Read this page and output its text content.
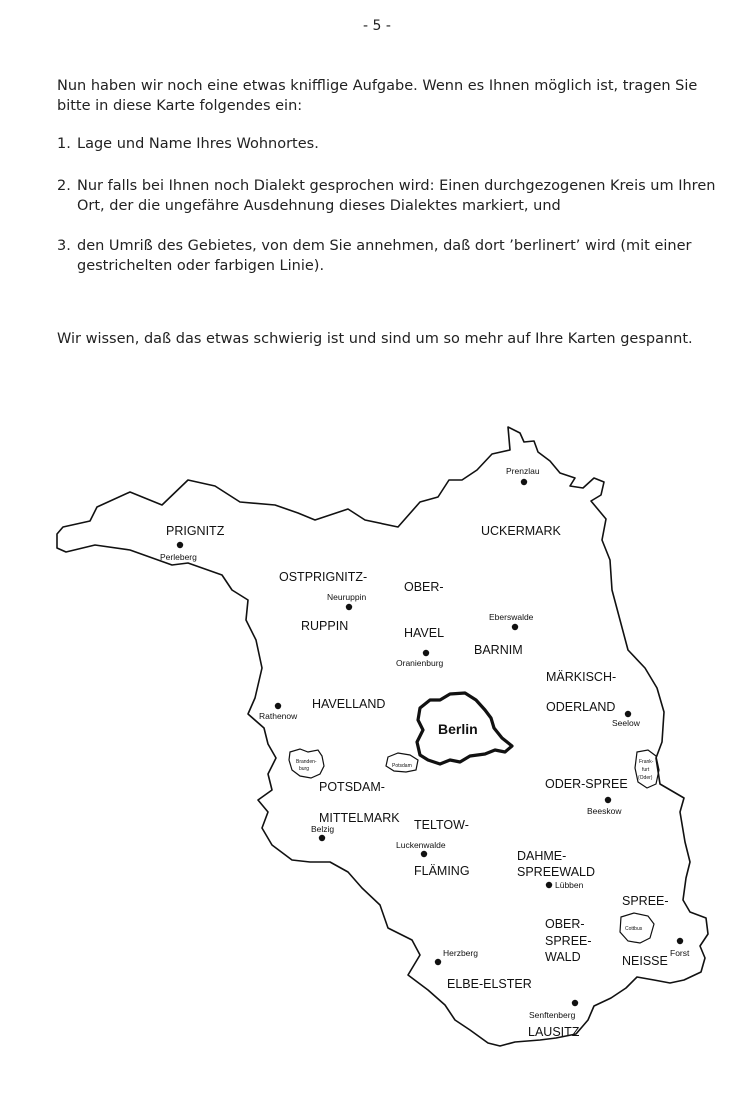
- 5 -
Nun haben wir noch eine etwas knifflige Aufgabe. Wenn es Ihnen möglich ist, tragen Sie bitte in diese Karte folgendes ein:
1. Lage und Name Ihres Wohnortes.
2. Nur falls bei Ihnen noch Dialekt gesprochen wird: Einen durchgezogenen Kreis um Ihren Ort, der die ungefähre Ausdehnung dieses Dialektes markiert, und
3. den Umriß des Gebietes, von dem Sie annehmen, daß dort ’berlinert’ wird (mit einer gestrichelten oder farbigen Linie).
Wir wissen, daß das etwas schwierig ist und sind um so mehr auf Ihre Karten gespannt.
Berlin
Branden-
burg	Potsdam
Frank-
furt
(Oder)
Cottbus
PRIGNITZ	UCKERMARK
OSTPRIGNITZ-
OBER-
RUPPIN	HAVEL
BARNIM
MÄRKISCH-
HAVELLAND	ODERLAND
POTSDAM-	ODER-SPREE
MITTELMARK TELTOW-
DAHME-
FLÄMING	SPREEWALD
SPREE-
OBER-
SPREE-
WALD	NEISSE
ELBE-ELSTER
LAUSITZ
Prenzlau
Perleberg
Neuruppin
Eberswalde
Oranienburg
Rathenow
Seelow
Beeskow
Belzig
Luckenwalde
Lübben
Forst
Herzberg
Senftenberg
